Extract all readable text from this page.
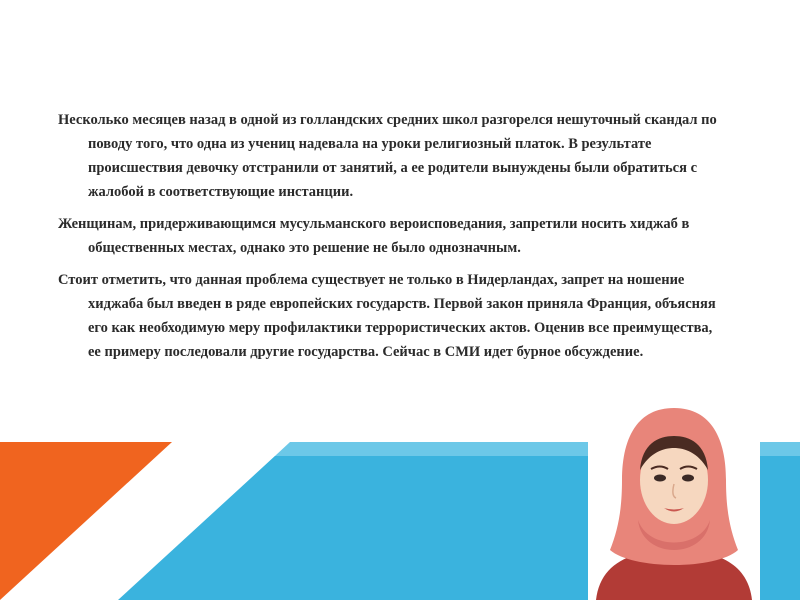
Несколько месяцев назад в одной из голландских средних школ разгорелся нешуточный скандал по поводу того, что одна из учениц надевала на уроки религиозный платок. В результате происшествия девочку отстранили от занятий, а ее родители вынуждены были обратиться с жалобой в соответствующие инстанции.

Женщинам, придерживающимся мусульманского вероисповедания, запретили носить хиджаб в общественных местах, однако это решение не было однозначным.

Стоит отметить, что данная проблема существует не только в Нидерландах, запрет на ношение хиджаба был введен в ряде европейских государств. Первой закон приняла Франция, объясняя его как необходимую меру профилактики террористических актов. Оценив все преимущества, ее примеру последовали другие государства. Сейчас в СМИ идет бурное обсуждение.
